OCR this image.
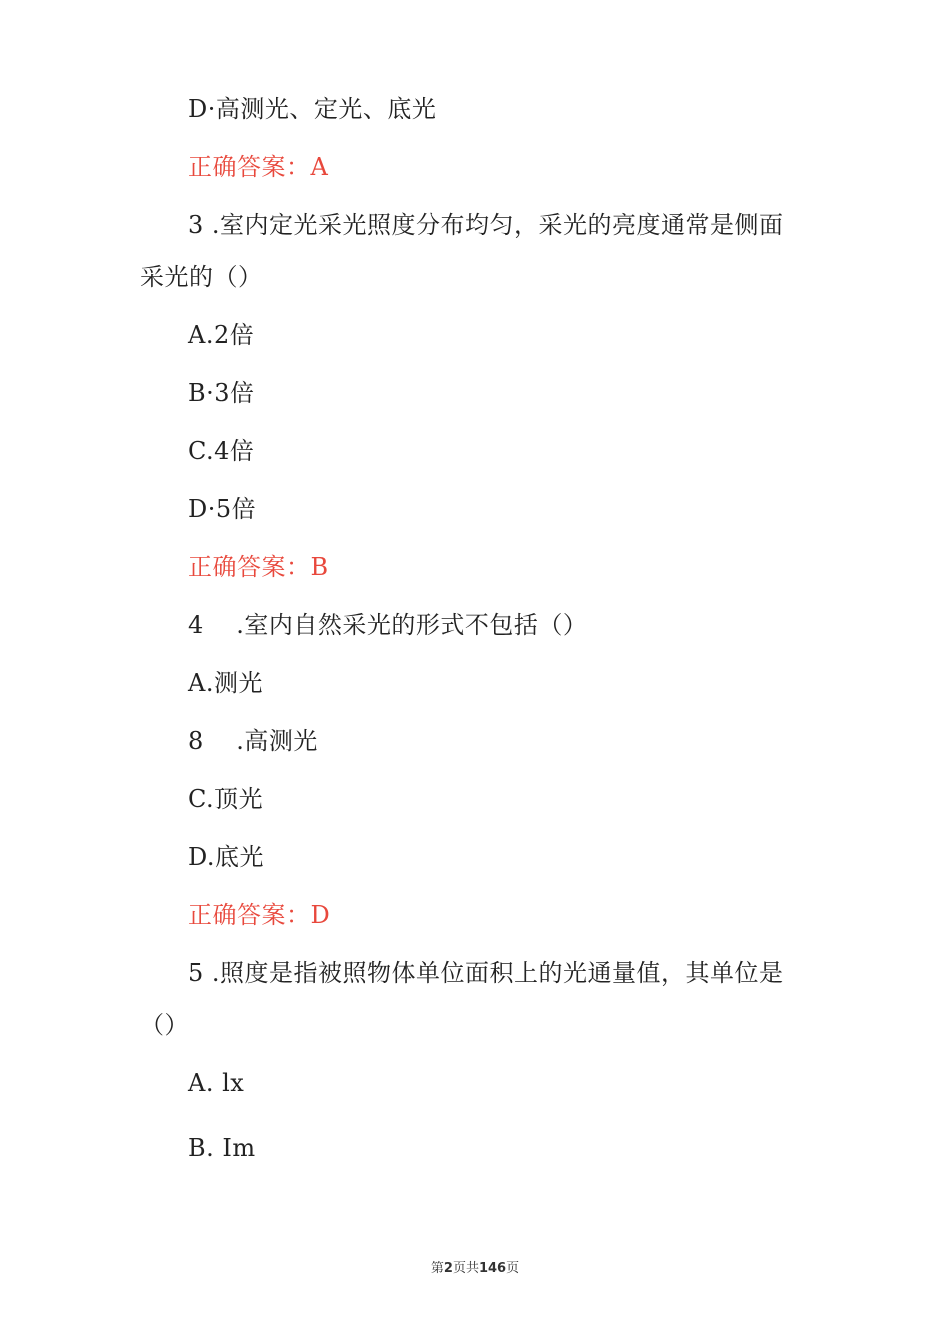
D·高测光、定光、底光
正确答案：A
3 .室内定光采光照度分布均匀，采光的亮度通常是侧面
采光的（）
A.2倍
B·3倍
C.4倍
D·5倍
正确答案：B
4    .室内自然采光的形式不包括（）
A.测光
8    .高测光
C.顶光
D.底光
正确答案：D
5 .照度是指被照物体单位面积上的光通量值，其单位是
（）
A. lx
B. Im
第2页共146页
